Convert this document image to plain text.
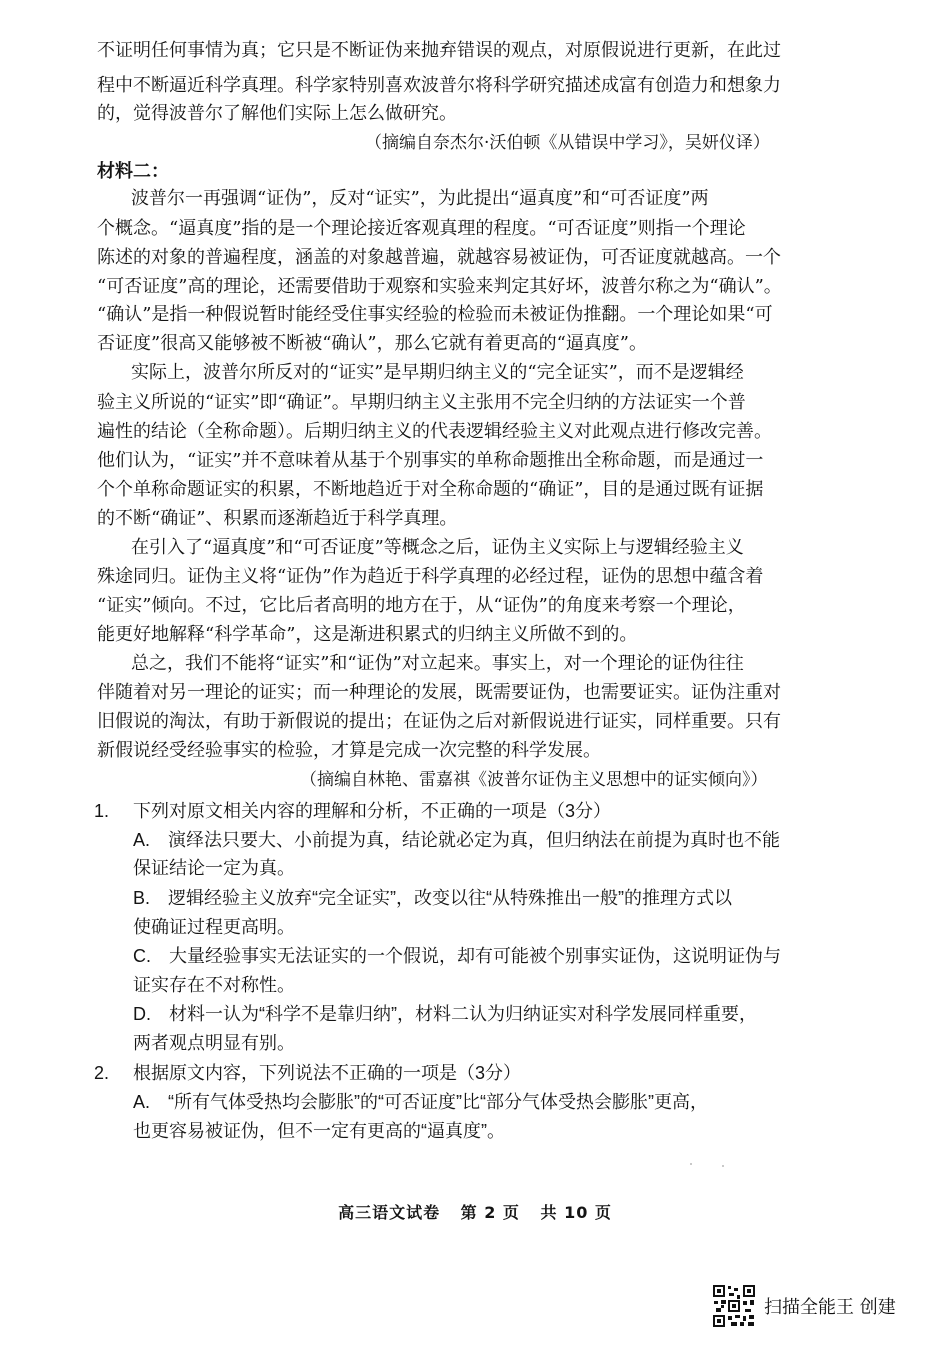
不证明任何事情为真；它只是不断证伪来抛弃错误的观点，对原假说进行更新，在此过
程中不断逼近科学真理。科学家特别喜欢波普尔将科学研究描述成富有创造力和想象力
的，觉得波普尔了解他们实际上怎么做研究。
（摘编自奈杰尔·沃伯顿《从错误中学习》，吴妍仪译）
材料二：
波普尔一再强调“证伪”，反对“证实”，为此提出“逼真度”和“可否证度”两
个概念。“逼真度”指的是一个理论接近客观真理的程度。“可否证度”则指一个理论
陈述的对象的普遍程度，涵盖的对象越普遍，就越容易被证伪，可否证度就越高。一个
“可否证度”高的理论，还需要借助于观察和实验来判定其好坏，波普尔称之为“确认”。
“确认”是指一种假说暂时能经受住事实经验的检验而未被证伪推翻。一个理论如果“可
否证度”很高又能够被不断被“确认”，那么它就有着更高的“逼真度”。
实际上，波普尔所反对的“证实”是早期归纳主义的“完全证实”，而不是逻辑经
验主义所说的“证实”即“确证”。早期归纳主义主张用不完全归纳的方法证实一个普
遍性的结论（全称命题）。后期归纳主义的代表逻辑经验主义对此观点进行修改完善。
他们认为，“证实”并不意味着从基于个别事实的单称命题推出全称命题，而是通过一
个个单称命题证实的积累，不断地趋近于对全称命题的“确证”，目的是通过既有证据
的不断“确证”、积累而逐渐趋近于科学真理。
在引入了“逼真度”和“可否证度”等概念之后，证伪主义实际上与逻辑经验主义
殊途同归。证伪主义将“证伪”作为趋近于科学真理的必经过程，证伪的思想中蕴含着
“证实”倾向。不过，它比后者高明的地方在于，从“证伪”的角度来考察一个理论，
能更好地解释“科学革命”，这是渐进积累式的归纳主义所做不到的。
总之，我们不能将“证实”和“证伪”对立起来。事实上，对一个理论的证伪往往
伴随着对另一理论的证实；而一种理论的发展，既需要证伪，也需要证实。证伪注重对
旧假说的淘汰，有助于新假说的提出；在证伪之后对新假说进行证实，同样重要。只有
新假说经受经验事实的检验，才算是完成一次完整的科学发展。
（摘编自林艳、雷嘉祺《波普尔证伪主义思想中的证实倾向》）
1. 下列对原文相关内容的理解和分析，不正确的一项是（3分）
A.　演绎法只要大、小前提为真，结论就必定为真，但归纳法在前提为真时也不能
保证结论一定为真。
B.　逻辑经验主义放弃“完全证实”，改变以往“从特殊推出一般”的推理方式以
使确证过程更高明。
C.　大量经验事实无法证实的一个假说，却有可能被个别事实证伪，这说明证伪与
证实存在不对称性。
D.　材料一认为“科学不是靠归纳”，材料二认为归纳证实对科学发展同样重要，
两者观点明显有别。
2. 根据原文内容，下列说法不正确的一项是（3分）
A.　“所有气体受热均会膨胀”的“可否证度”比“部分气体受热会膨胀”更高，
也更容易被证伪，但不一定有更高的“逼真度”。
高三语文试卷 第 2 页 共 10 页
扫描全能王 创建
